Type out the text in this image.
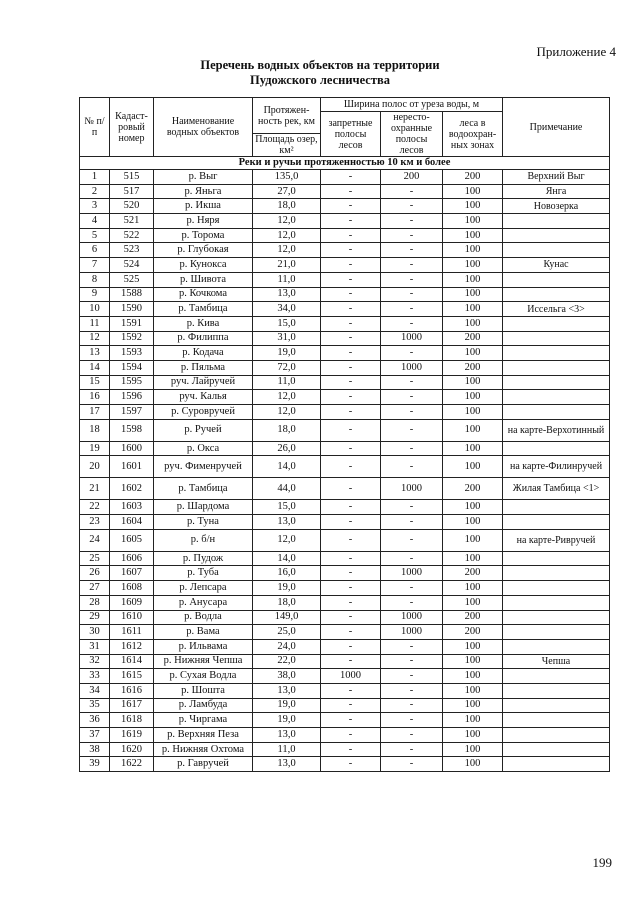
Приложение 4
Перечень водных объектов на территории
Пудожского лесничества
№ п/п	Кадаст-ровый номер	Наименование водных объектов	Протяжен-ность рек, км	Ширина полос от уреза воды, м			Примечание
				запретные полосы лесов	нересто-охранные полосы лесов	леса в водоохран-ных зонах	
			Площадь озер, км²				
Реки и ручьи протяженностью 10 км и более							
1	515	р. Выг	135,0	-	200	200	Верхний Выг
2	517	р. Яньга	27,0	-	-	100	Янга
3	520	р. Икша	18,0	-	-	100	Новозерка
4	521	р. Няря	12,0	-	-	100	
5	522	р. Торома	12,0	-	-	100	
6	523	р. Глубокая	12,0	-	-	100	
7	524	р. Кунокса	21,0	-	-	100	Кунас
8	525	р. Шивота	11,0	-	-	100	
9	1588	р. Кочкома	13,0	-	-	100	
10	1590	р. Тамбица	34,0	-	-	100	Иссельга <3>
11	1591	р. Кива	15,0	-	-	100	
12	1592	р. Филиппа	31,0	-	1000	200	
13	1593	р. Кодача	19,0	-	-	100	
14	1594	р. Пяльма	72,0	-	1000	200	
15	1595	руч. Лайручей	11,0	-	-	100	
16	1596	руч. Калья	12,0	-	-	100	
17	1597	р. Суровручей	12,0	-	-	100	
18	1598	р. Ручей	18,0	-	-	100	на карте-Верхотинный
19	1600	р. Окса	26,0	-	-	100	
20	1601	руч. Фименручей	14,0	-	-	100	на карте-Филинручей
21	1602	р. Тамбица	44,0	-	1000	200	Жилая Тамбица <1>
22	1603	р. Шардома	15,0	-	-	100	
23	1604	р. Туна	13,0	-	-	100	
24	1605	р. б/н	12,0	-	-	100	на карте-Ривручей
25	1606	р. Пудож	14,0	-	-	100	
26	1607	р. Туба	16,0	-	1000	200	
27	1608	р. Лепсара	19,0	-	-	100	
28	1609	р. Анусара	18,0	-	-	100	
29	1610	р. Водла	149,0	-	1000	200	
30	1611	р. Вама	25,0	-	1000	200	
31	1612	р. Ильвама	24,0	-	-	100	
32	1614	р. Нижняя Чепша	22,0	-	-	100	Чепша
33	1615	р. Сухая Водла	38,0	1000	-	100	
34	1616	р. Шошта	13,0	-	-	100	
35	1617	р. Ламбуда	19,0	-	-	100	
36	1618	р. Чиргама	19,0	-	-	100	
37	1619	р. Верхняя Пеза	13,0	-	-	100	
38	1620	р. Нижняя Охтома	11,0	-	-	100	
39	1622	р. Гавручей	13,0	-	-	100	
199
